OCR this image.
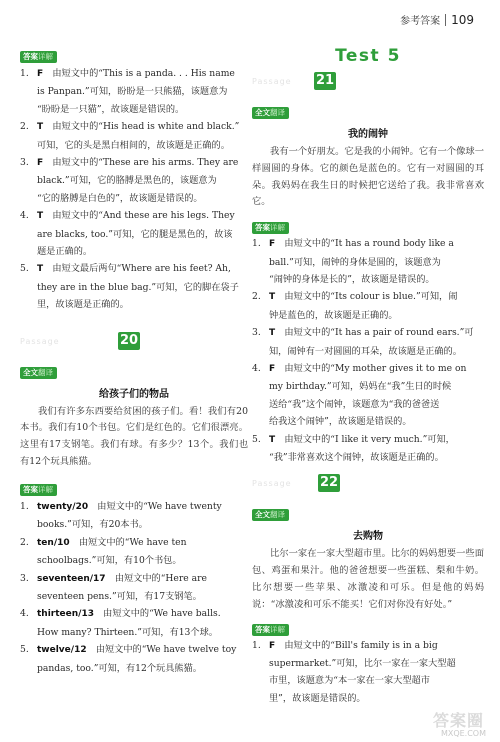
参考答案 109
答案详解
1. F 由短文中的“This is a panda. . . His name
is Panpan.”可知，盼盼是一只熊猫，该题意为
“盼盼是一只猫”，故该题是错误的。
2. T 由短文中的“His head is white and black.”
可知，它的头是黑白相间的，故该题是正确的。
3. F 由短文中的“These are his arms. They are
black.”可知，它的胳膊是黑色的，该题意为
“它的胳膊是白色的”，故该题是错误的。
4. T 由短文中的“And these are his legs. They
are blacks, too.”可知，它的腿是黑色的，故该
题是正确的。
5. T 由短文最后两句“Where are his feet? Ah,
they are in the blue bag.”可知，它的脚在袋子
里，故该题是正确的。
Passage	20
全文翻译
给孩子们的物品
我们有许多东西要给贫困的孩子们。看！我们有20本书。我们有10个书包。它们是红色的。它们很漂亮。这里有17支钢笔。我们有球。有多少？13个。我们也有12个玩具熊猫。
答案详解
1. twenty/20 由短文中的“We have twenty
books.”可知，有20本书。
2. ten/10 由短文中的“We have ten
schoolbags.”可知，有10个书包。
3. seventeen/17 由短文中的“Here are
seventeen pens.”可知，有17支钢笔。
4. thirteen/13 由短文中的“We have balls.
How many? Thirteen.”可知，有13个球。
5. twelve/12 由短文中的“We have twelve toy
pandas, too.”可知，有12个玩具熊猫。
Test 5
Passage 21
全文翻译
我的闹钟
我有一个好朋友。它是我的小闹钟。它有一个像球一样圆圆的身体。它的颜色是蓝色的。它有一对圆圆的耳朵。我妈妈在我生日的时候把它送给了我。我非常喜欢它。
答案详解
1. F 由短文中的“It has a round body like a
ball.”可知，闹钟的身体是圆的，该题意为
“闹钟的身体是长的”，故该题是错误的。
2. T 由短文中的“Its colour is blue.”可知，闹
钟是蓝色的，故该题是正确的。
3. T 由短文中的“It has a pair of round ears.”可
知，闹钟有一对圆圆的耳朵，故该题是正确的。
4. F 由短文中的“My mother gives it to me on
my birthday.”可知，妈妈在“我”生日的时候
送给“我”这个闹钟，该题意为“我的爸爸送
给我这个闹钟”，故该题是错误的。
5. T 由短文中的“I like it very much.”可知，
“我”非常喜欢这个闹钟，故该题是正确的。
Passage 22
全文翻译
去购物
比尔一家在一家大型超市里。比尔的妈妈想要一些面包、鸡蛋和果汁。他的爸爸想要一些蛋糕、梨和牛奶。比尔想要一些苹果、冰激凌和可乐。但是他的妈妈说：“冰激凌和可乐不能买！它们对你没有好处。”
答案详解
1. F 由短文中的“Bill's family is in a big
supermarket.”可知，比尔一家在一家大型超
市里，该题意为“本一家在一家大型超市
里”，故该题是错误的。
答案圈
MXQE.COM
